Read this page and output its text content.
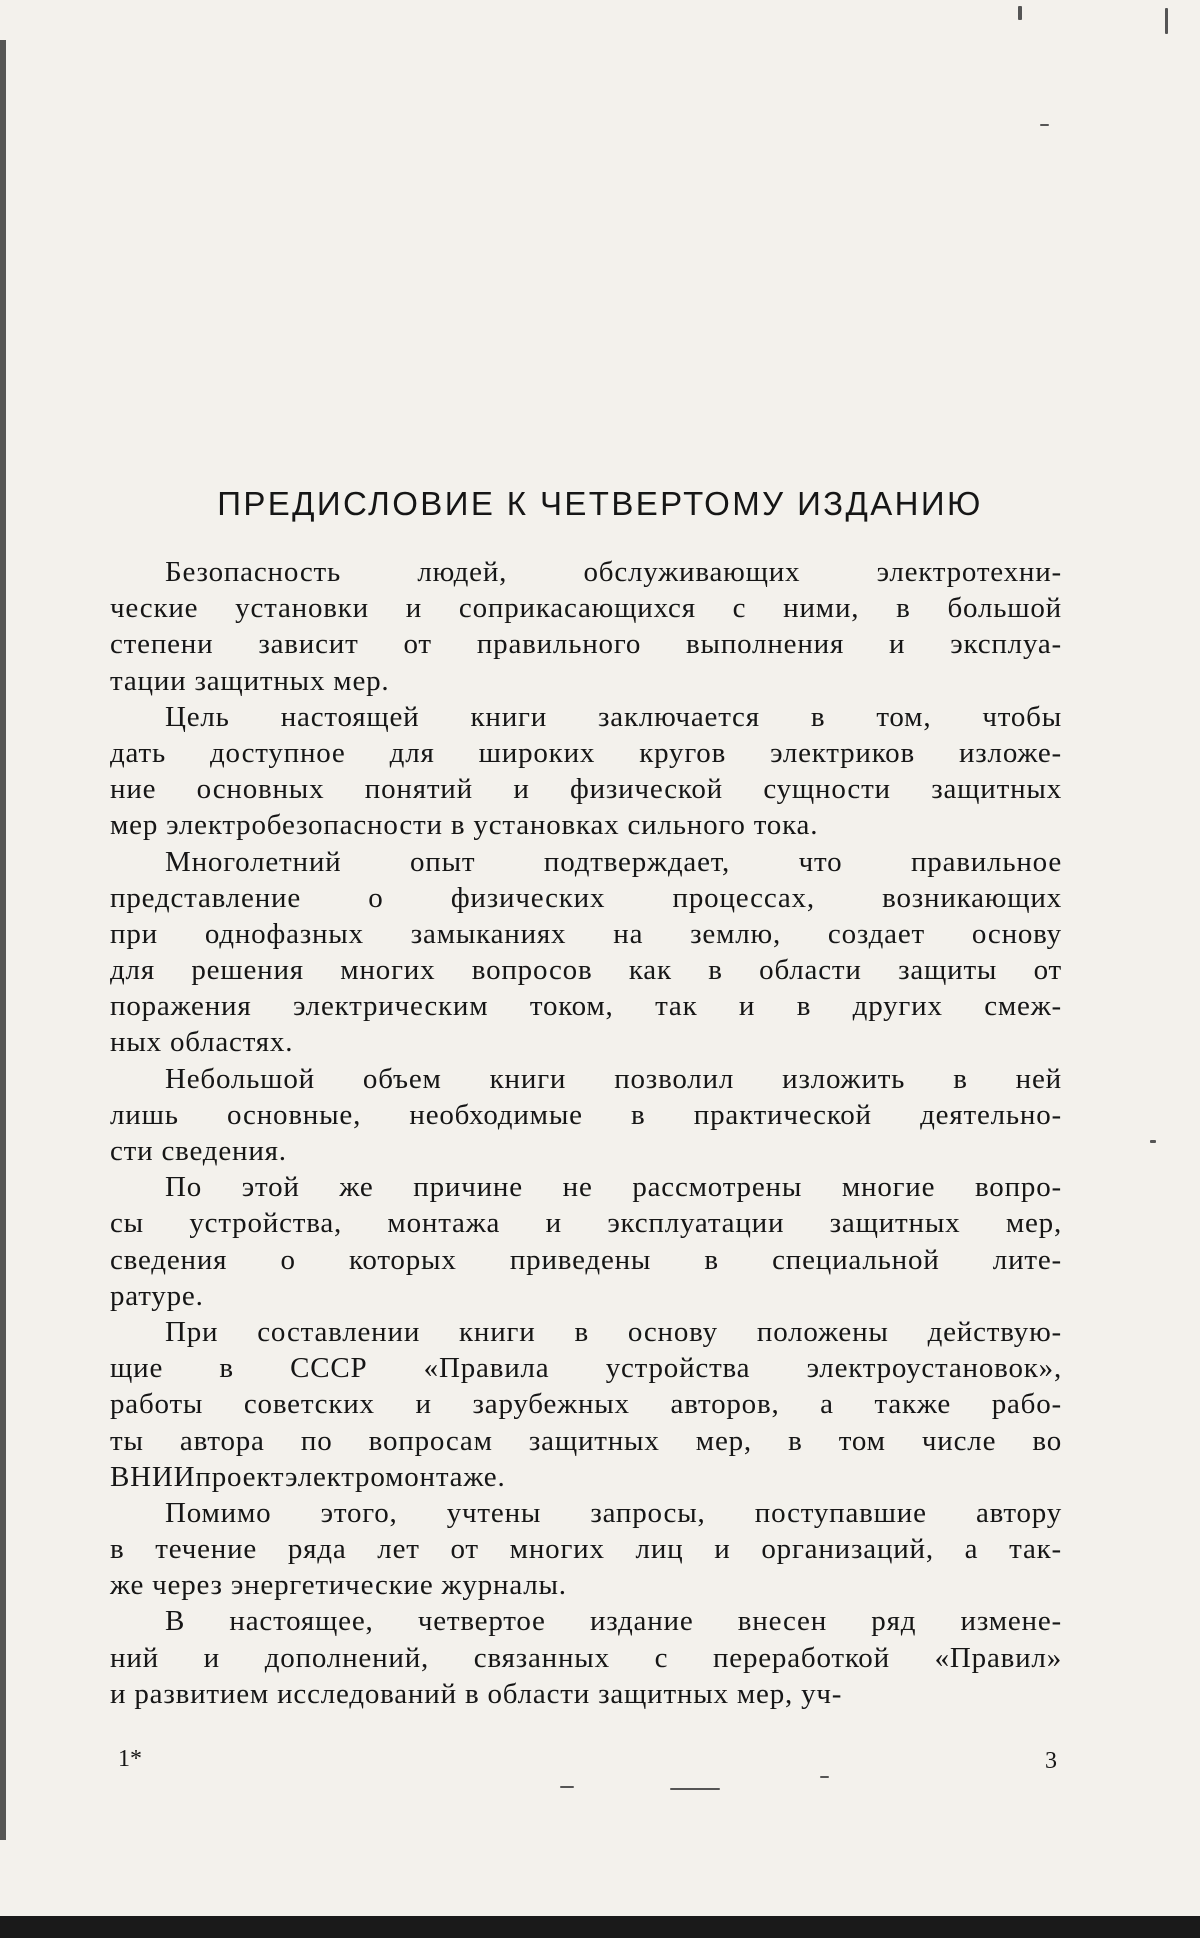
ПРЕДИСЛОВИЕ К ЧЕТВЕРТОМУ ИЗДАНИЮ
Безопасность людей, обслуживающих электротехни-
ческие установки и соприкасающихся с ними, в большой
степени зависит от правильного выполнения и эксплуа-
тации защитных мер.
Цель настоящей книги заключается в том, чтобы
дать доступное для широких кругов электриков изложе-
ние основных понятий и физической сущности защитных
мер электробезопасности в установках сильного тока.
Многолетний опыт подтверждает, что правильное
представление о физических процессах, возникающих
при однофазных замыканиях на землю, создает основу
для решения многих вопросов как в области защиты от
поражения электрическим током, так и в других смеж-
ных областях.
Небольшой объем книги позволил изложить в ней
лишь основные, необходимые в практической деятельно-
сти сведения.
По этой же причине не рассмотрены многие вопро-
сы устройства, монтажа и эксплуатации защитных мер,
сведения о которых приведены в специальной лите-
ратуре.
При составлении книги в основу положены действую-
щие в СССР «Правила устройства электроустановок»,
работы советских и зарубежных авторов, а также рабо-
ты автора по вопросам защитных мер, в том числе во
ВНИИпроектэлектромонтаже.
Помимо этого, учтены запросы, поступавшие автору
в течение ряда лет от многих лиц и организаций, а так-
же через энергетические журналы.
В настоящее, четвертое издание внесен ряд измене-
ний и дополнений, связанных с переработкой «Правил»
и развитием исследований в области защитных мер, уч-
1*	3
